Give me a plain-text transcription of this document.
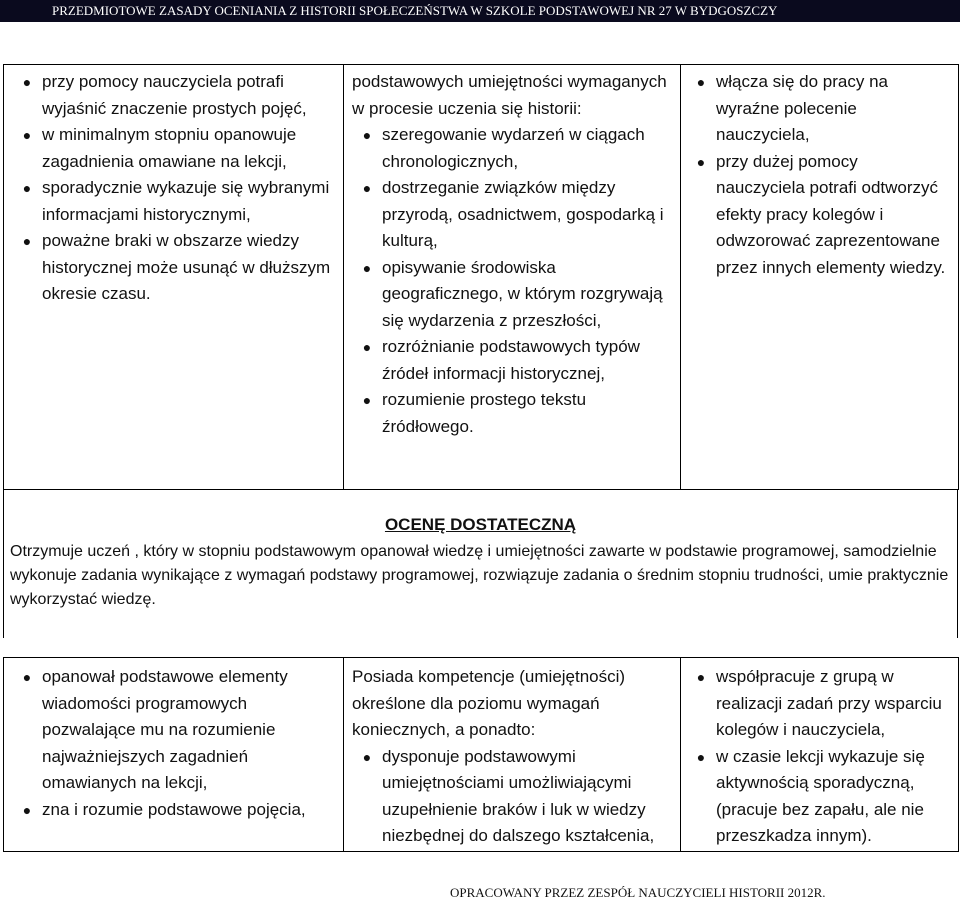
PRZEDMIOTOWE ZASADY OCENIANIA Z HISTORII SPOŁECZEŃSTWA W SZKOLE PODSTAWOWEJ NR 27 W BYDGOSZCZY
● przy pomocy nauczyciela potrafi wyjaśnić znaczenie prostych pojęć,
● w minimalnym stopniu opanowuje zagadnienia omawiane na lekcji,
● sporadycznie wykazuje się wybranymi informacjami historycznymi,
● poważne braki w obszarze wiedzy historycznej może usunąć w dłuższym okresie czasu.

podstawowych umiejętności wymaganych w procesie uczenia się historii:
● szeregowanie wydarzeń w ciągach chronologicznych,
● dostrzeganie związków między przyrodą, osadnictwem, gospodarką i kulturą,
● opisywanie środowiska geograficznego, w którym rozgrywają się wydarzenia z przeszłości,
● rozróżnianie podstawowych typów źródeł informacji historycznej,
● rozumienie prostego tekstu źródłowego.

● włącza się do pracy na wyraźne polecenie nauczyciela,
● przy dużej pomocy nauczyciela potrafi odtworzyć efekty pracy kolegów i odwzorować zaprezentowane przez innych elementy wiedzy.
OCENĘ DOSTATECZNĄ
Otrzymuje uczeń , który w stopniu podstawowym opanował wiedzę i umiejętności zawarte w podstawie programowej, samodzielnie wykonuje zadania wynikające z wymagań podstawy programowej, rozwiązuje zadania o średnim stopniu trudności, umie praktycznie wykorzystać wiedzę.
● opanował podstawowe elementy wiadomości programowych pozwalające mu na rozumienie najważniejszych zagadnień omawianych na lekcji,
● zna i rozumie podstawowe pojęcia,

Posiada kompetencje (umiejętności) określone dla poziomu wymagań koniecznych, a ponadto:
● dysponuje podstawowymi umiejętnościami umożliwiającymi uzupełnienie braków i luk w wiedzy niezbędnej do dalszego kształcenia,

● współpracuje z grupą w realizacji zadań przy wsparciu kolegów i nauczyciela,
● w czasie lekcji wykazuje się aktywnością sporadyczną, (pracuje bez zapału, ale nie przeszkadza innym).
OPRACOWANY PRZEZ ZESPÓŁ NAUCZYCIELI HISTORII 2012R.
